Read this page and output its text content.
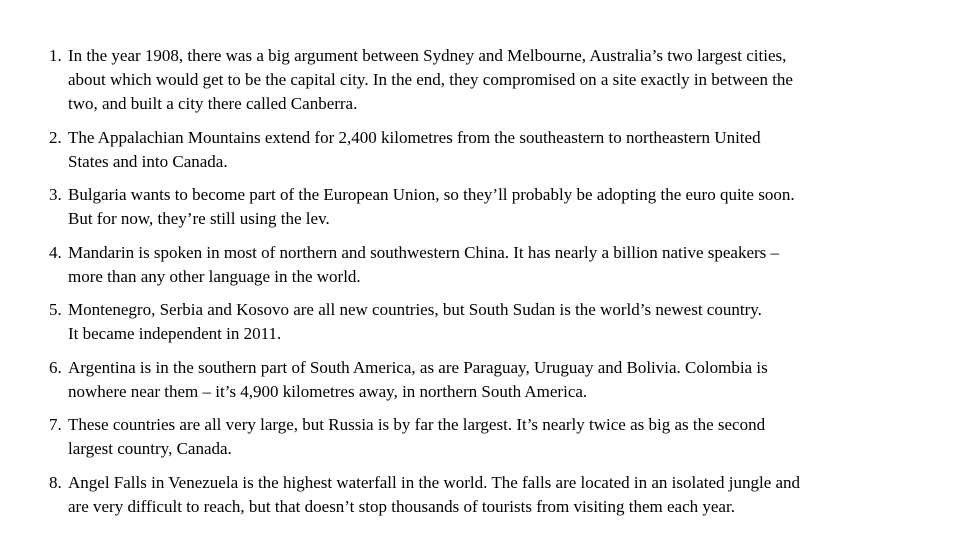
1. In the year 1908, there was a big argument between Sydney and Melbourne, Australia’s two largest cities,
about which would get to be the capital city. In the end, they compromised on a site exactly in between the
two, and built a city there called Canberra.
2. The Appalachian Mountains extend for 2,400 kilometres from the southeastern to northeastern United
States and into Canada.
3. Bulgaria wants to become part of the European Union, so they’ll probably be adopting the euro quite soon.
But for now, they’re still using the lev.
4. Mandarin is spoken in most of northern and southwestern China. It has nearly a billion native speakers –
more than any other language in the world.
5. Montenegro, Serbia and Kosovo are all new countries, but South Sudan is the world’s newest country.
It became independent in 2011.
6. Argentina is in the southern part of South America, as are Paraguay, Uruguay and Bolivia. Colombia is
nowhere near them – it’s 4,900 kilometres away, in northern South America.
7. These countries are all very large, but Russia is by far the largest. It’s nearly twice as big as the second
largest country, Canada.
8. Angel Falls in Venezuela is the highest waterfall in the world. The falls are located in an isolated jungle and
are very difficult to reach, but that doesn’t stop thousands of tourists from visiting them each year.
